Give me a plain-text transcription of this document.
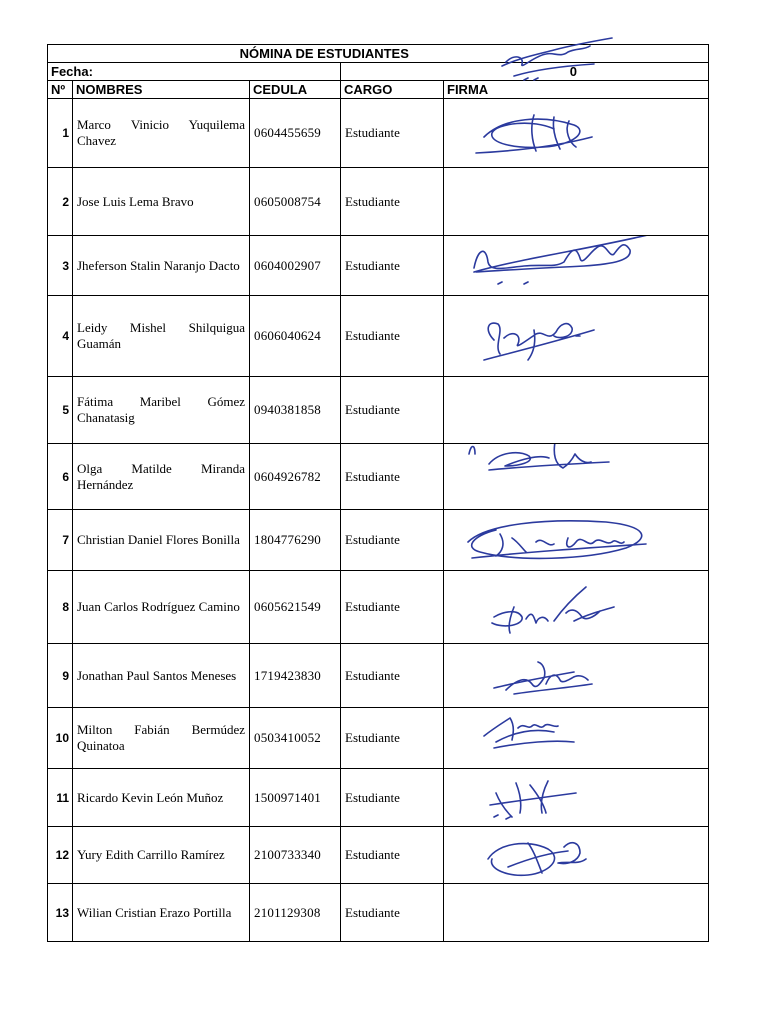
NÓMINA DE ESTUDIANTES				
Fecha:			0	
Nº	NOMBRES	CEDULA	CARGO	FIRMA
1	Marco Vinicio Yuquilema Chavez	0604455659	Estudiante	

2	Jose Luis Lema Bravo	0605008754	Estudiante	
3	Jheferson Stalin Naranjo Dacto	0604002907	Estudiante	

4	Leidy Mishel Shilquigua Guamán	0606040624	Estudiante	

5	Fátima Maribel Gómez Chanatasig	0940381858	Estudiante	
6	Olga Matilde Miranda Hernández	0604926782	Estudiante	

7	Christian Daniel Flores Bonilla	1804776290	Estudiante	

8	Juan Carlos Rodríguez Camino	0605621549	Estudiante	

9	Jonathan Paul Santos Meneses	1719423830	Estudiante	

10	Milton Fabián Bermúdez Quinatoa	0503410052	Estudiante	

11	Ricardo Kevin León Muñoz	1500971401	Estudiante	

12	Yury Edith Carrillo Ramírez	2100733340	Estudiante	

13	Wilian Cristian Erazo Portilla	2101129308	Estudiante	
